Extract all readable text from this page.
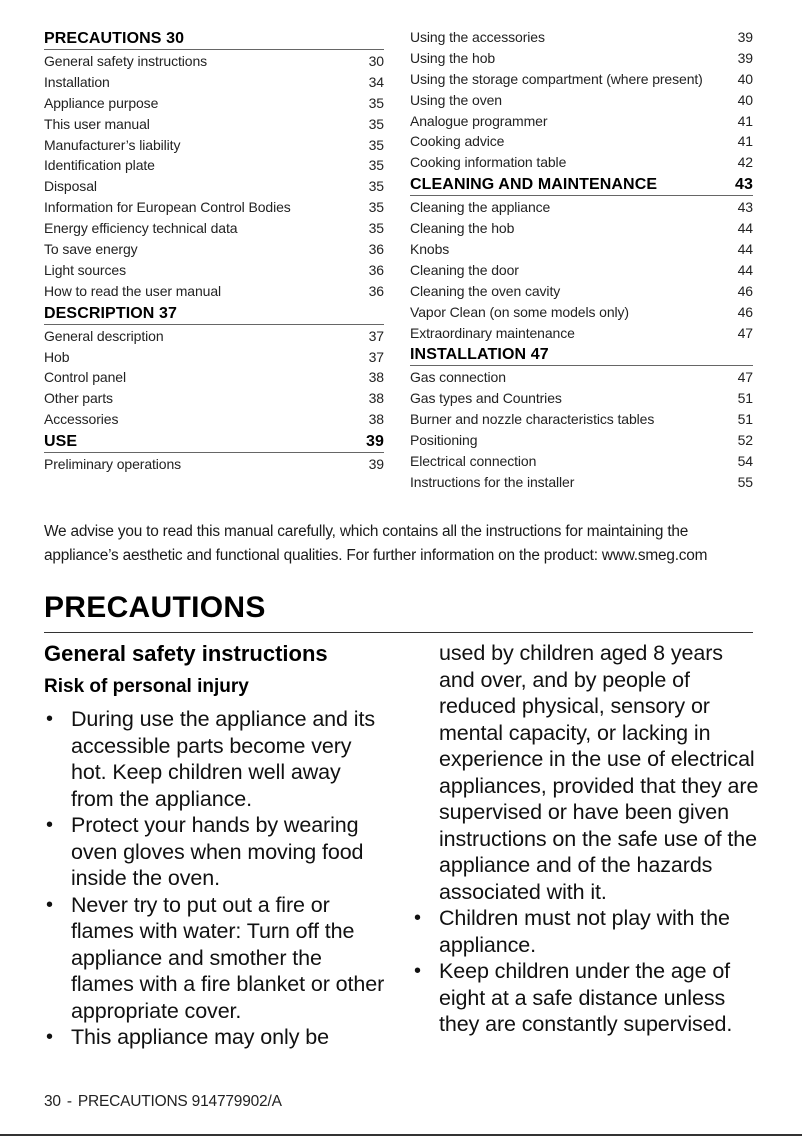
PRECAUTIONS 30
General safety instructions	30
Installation	34
Appliance purpose	35
This user manual	35
Manufacturer’s liability	35
Identification plate	35
Disposal	35
Information for European Control Bodies	35
Energy efficiency technical data	35
To save energy	36
Light sources	36
How to read the user manual	36
DESCRIPTION 37
General description	37
Hob	37
Control panel	38
Other parts	38
Accessories	38
USE	39
Preliminary operations	39
Using the accessories	39
Using the hob	39
Using the storage compartment (where present)	40
Using the oven	40
Analogue programmer	41
Cooking advice	41
Cooking information table	42
CLEANING AND MAINTENANCE	43
Cleaning the appliance	43
Cleaning the hob	44
Knobs	44
Cleaning the door	44
Cleaning the oven cavity	46
Vapor Clean (on some models only)	46
Extraordinary maintenance	47
INSTALLATION 47
Gas connection	47
Gas types and Countries	51
Burner and nozzle characteristics tables	51
Positioning	52
Electrical connection	54
Instructions for the installer	55
We advise you to read this manual carefully, which contains all the instructions for maintaining the
appliance’s aesthetic and functional qualities. For further information on the product: www.smeg.com
PRECAUTIONS
General safety instructions
Risk of personal injury
• During use the appliance and its accessible parts become very hot. Keep children well away from the appliance.
• Protect your hands by wearing oven gloves when moving food inside the oven.
• Never try to put out a fire or flames with water: Turn off the appliance and smother the flames with a fire blanket or other appropriate cover.
• This appliance may only be
used by children aged 8 years and over, and by people of reduced physical, sensory or mental capacity, or lacking in experience in the use of electrical appliances, provided that they are supervised or have been given instructions on the safe use of the appliance and of the hazards associated with it.
• Children must not play with the appliance.
• Keep children under the age of eight at a safe distance unless they are constantly supervised.
30 - PRECAUTIONS 914779902/A
